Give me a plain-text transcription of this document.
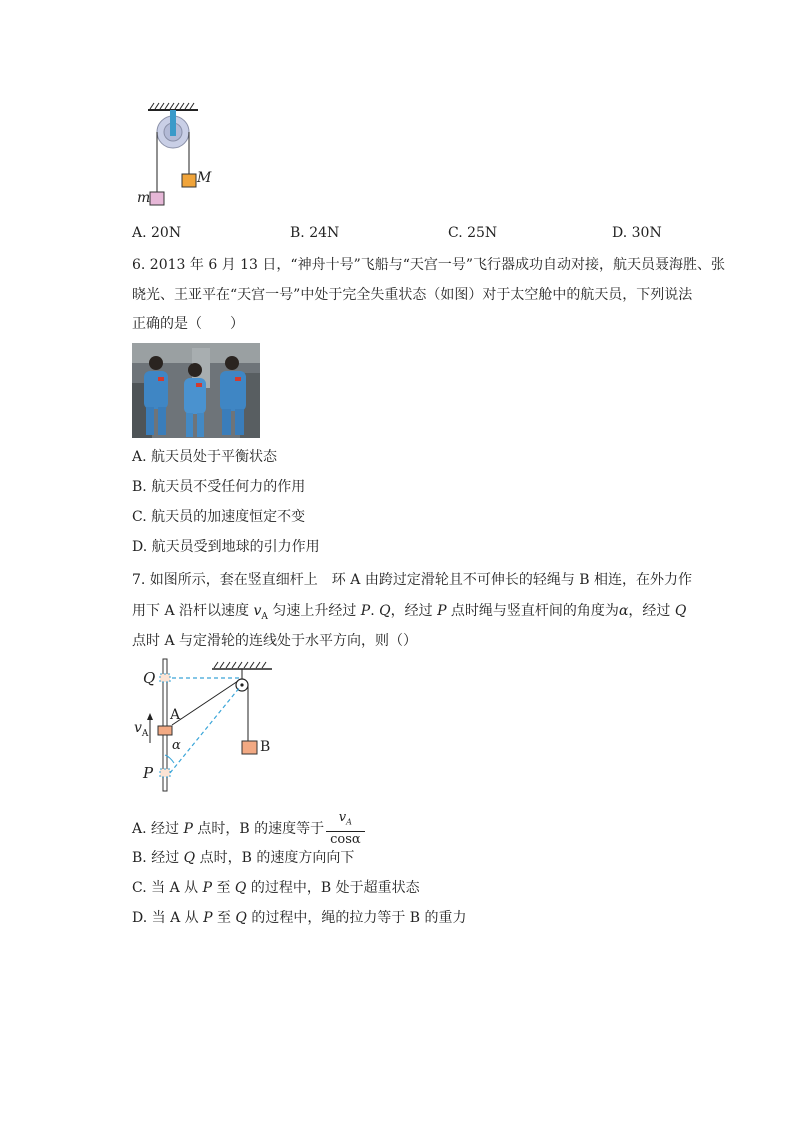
m
M
A. 20N	B. 24N	C. 25N	D. 30N
6. 2013 年 6 月 13 日，“神舟十号”飞船与“天宫一号”飞行器成功自动对接，航天员聂海胜、张
晓光、王亚平在“天宫一号”中处于完全失重状态（如图）对于太空舱中的航天员，下列说法
正确的是（　　）
A. 航天员处于平衡状态
B. 航天员不受任何力的作用
C. 航天员的加速度恒定不变
D. 航天员受到地球的引力作用
7. 如图所示，套在竖直细杆上　环 A 由跨过定滑轮且不可伸长的轻绳与 B 相连，在外力作
用下 A 沿杆以速度 $v_A$ 匀速上升经过 P. Q，经过 P 点时绳与竖直杆间的角度为α，经过 Q
点时 A 与定滑轮的连线处于水平方向，则（）
Q
P
A
B
$v_A$
α
A. 经过 P 点时，B 的速度等于 $\frac{v_A}{\cos\alpha}$
B. 经过 Q 点时，B 的速度方向向下
C. 当 A 从 P 至 Q 的过程中，B 处于超重状态
D. 当 A 从 P 至 Q 的过程中，绳的拉力等于 B 的重力
